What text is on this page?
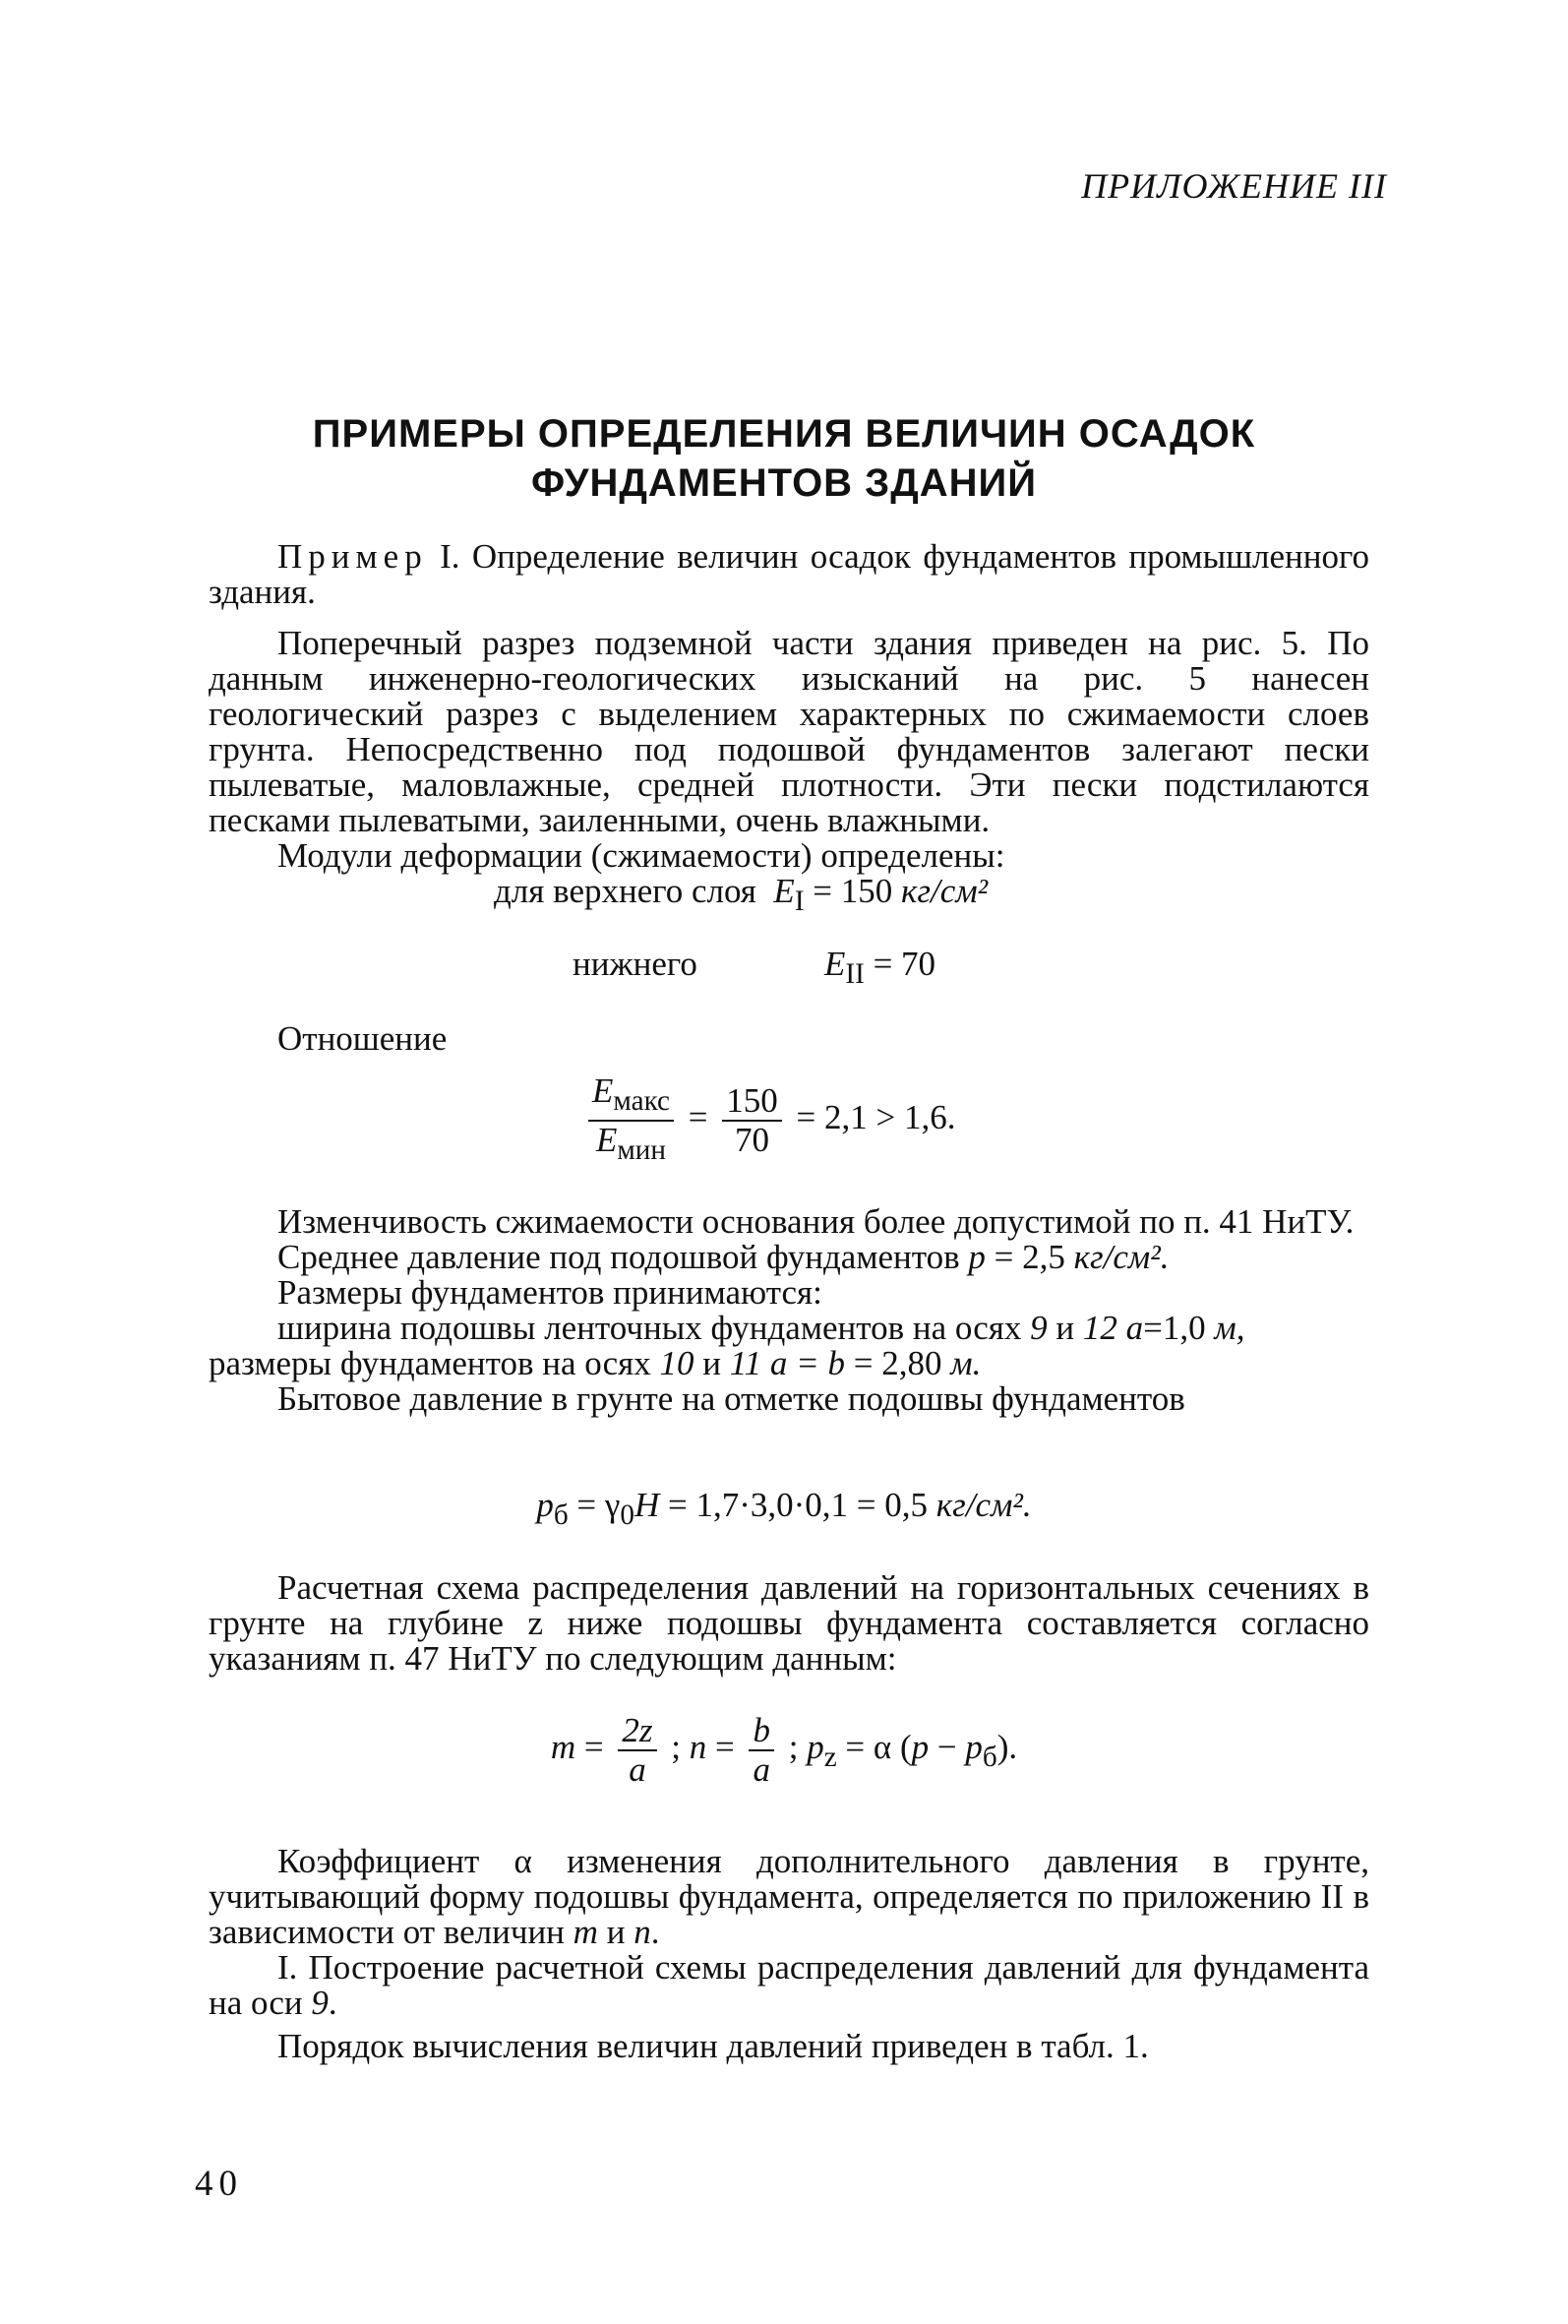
ПРИЛОЖЕНИЕ III
ПРИМЕРЫ ОПРЕДЕЛЕНИЯ ВЕЛИЧИН ОСАДОК
ФУНДАМЕНТОВ ЗДАНИЙ

Пример I. Определение величин осадок фундаментов промышленного здания.

Поперечный разрез подземной части здания приведен на рис. 5. По данным инженерно-геологических изысканий на рис. 5 нанесен геологический разрез с выделением характерных по сжимаемости слоев грунта. Непосредственно под подошвой фундаментов залегают пески пылеватые, маловлажные, средней плотности. Эти пески подстилаются песками пылеватыми, заиленными, очень влажными.

Модули деформации (сжимаемости) определены:

для верхнего слоя $E_I = 150$ кг/см²
нижнего	$E_{II} = 70$
Отношение
$\frac{E_{макс}}{E_{мин}} = \frac{150}{70} = 2,1 > 1,6$.

Изменчивость сжимаемости основания более допустимой по п. 41 НиТУ.

Среднее давление под подошвой фундаментов p = 2,5 кг/см².

Размеры фундаментов принимаются:

ширина подошвы ленточных фундаментов на осях 9 и 12 a=1,0 м,

размеры фундаментов на осях 10 и 11 a = b = 2,80 м.

Бытовое давление в грунте на отметке подошвы фундаментов

$p_б = \gamma_0H = 1,7\cdot 3,0\cdot 0,1 = 0,5$ кг/см².

Расчетная схема распределения давлений на горизонтальных сечениях в грунте на глубине z ниже подошвы фундамента составляется согласно указаниям п. 47 НиТУ по следующим данным:

$m = \frac{2z}{a}$ ; $n = \frac{b}{a}$ ; $p_z = \alpha$ $(p - p_б)$.

Коэффициент α изменения дополнительного давления в грунте, учитывающий форму подошвы фундамента, определяется по приложению II в зависимости от величин m и n.

I. Построение расчетной схемы распределения давлений для фундамента на оси 9.

Порядок вычисления величин давлений приведен в табл. 1.

40
